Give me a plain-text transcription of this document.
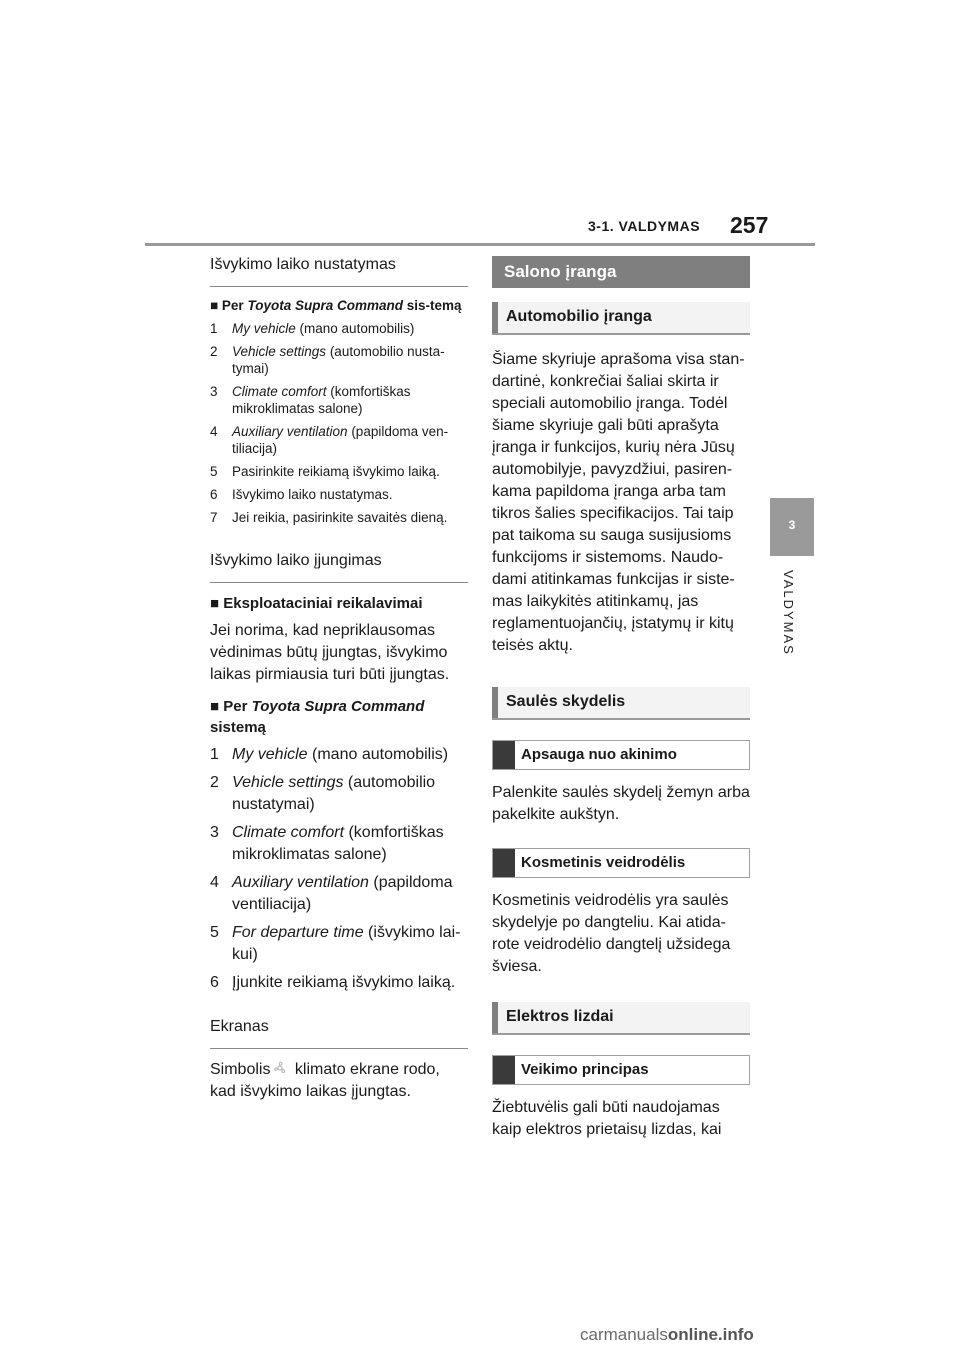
3-1. VALDYMAS 257
3
VALDYMAS
Išvykimo laiko nustatymas
■ Per Toyota Supra Command sis-temą
1	My vehicle (mano automobilis)
2	Vehicle settings (automobilio nusta-tymai)
3	Climate comfort (komfortiškas mikroklimatas salone)
4	Auxiliary ventilation (papildoma ven-tiliacija)
5	Pasirinkite reikiamą išvykimo laiką.
6	Išvykimo laiko nustatymas.
7	Jei reikia, pasirinkite savaitės dieną.
Išvykimo laiko įjungimas
■ Eksploataciniai reikalavimai

Jei norima, kad nepriklausomas vėdinimas būtų įjungtas, išvykimo laikas pirmiausia turi būti įjungtas.

■ Per Toyota Supra Command sistemą
1 My vehicle (mano automobilis)
2 Vehicle settings (automobilio nustatymai)
3 Climate comfort (komfortiškas mikroklimatas salone)
4 Auxiliary ventilation (papildoma ventiliacija)
5 For departure time (išvykimo lai-kui)
6 Įjunkite reikiamą išvykimo laiką.
Ekranas

Simbolis klimato ekrane rodo, kad išvykimo laikas įjungtas.

Salono įranga
Automobilio įranga

Šiame skyriuje aprašoma visa stan-dartinė, konkrečiai šaliai skirta ir speciali automobilio įranga. Todėl šiame skyriuje gali būti aprašyta įranga ir funkcijos, kurių nėra Jūsų automobilyje, pavyzdžiui, pasiren-kama papildoma įranga arba tam tikros šalies specifikacijos. Tai taip pat taikoma su sauga susijusioms funkcijoms ir sistemoms. Naudo-dami atitinkamas funkcijas ir siste-mas laikykitės atitinkamų, jas reglamentuojančių, įstatymų ir kitų teisės aktų.

Saulės skydelis
Apsauga nuo akinimo

Palenkite saulės skydelį žemyn arba pakelkite aukštyn.

Kosmetinis veidrodėlis

Kosmetinis veidrodėlis yra saulės skydelyje po dangteliu. Kai atida-rote veidrodėlio dangtelį užsidega šviesa.

Elektros lizdai
Veikimo principas

Žiebtuvėlis gali būti naudojamas kaip elektros prietaisų lizdas, kai

carmanualsonline.info
